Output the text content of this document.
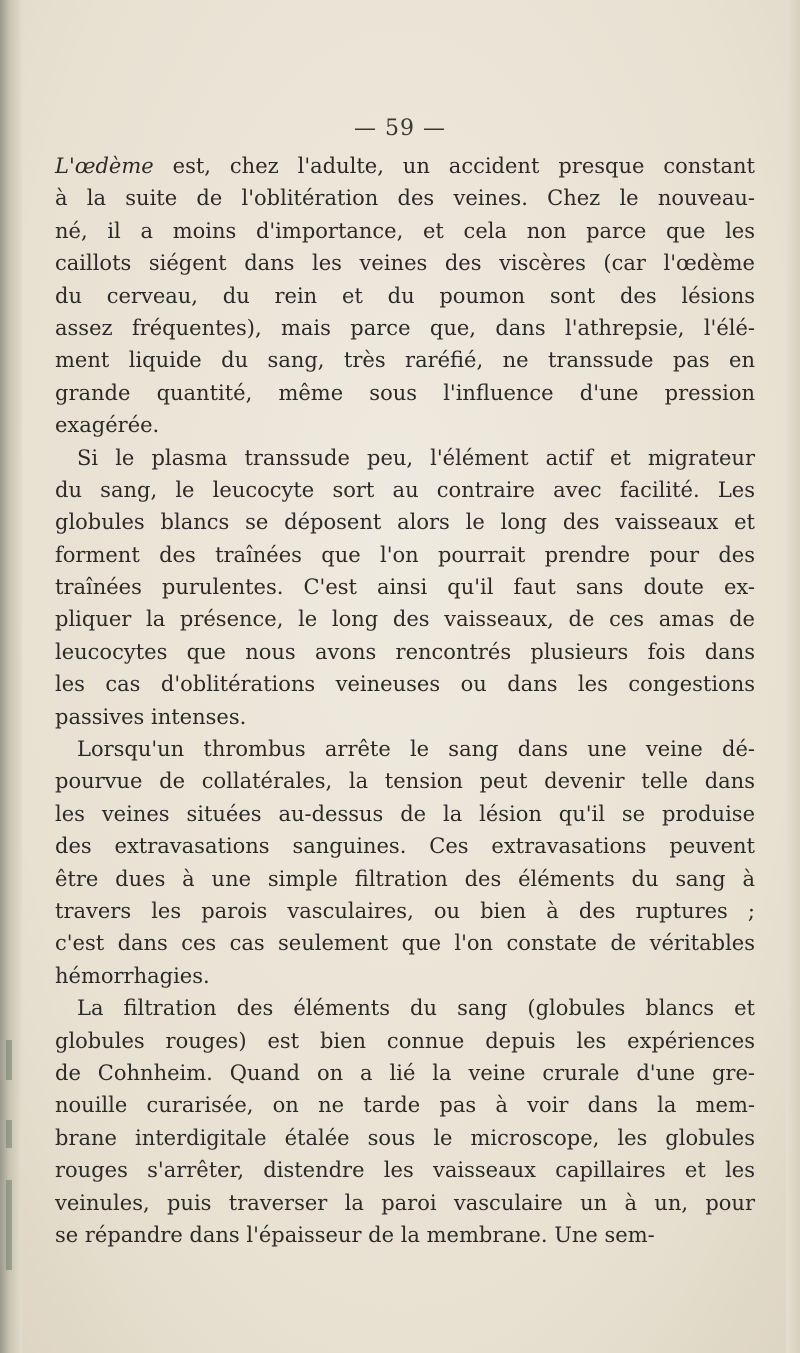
— 59 —
L'œdème est, chez l'adulte, un accident presque constant
à la suite de l'oblitération des veines. Chez le nouveau-
né, il a moins d'importance, et cela non parce que les
caillots siégent dans les veines des viscères (car l'œdème
du cerveau, du rein et du poumon sont des lésions
assez fréquentes), mais parce que, dans l'athrepsie, l'élé-
ment liquide du sang, très raréfié, ne transsude pas en
grande quantité, même sous l'influence d'une pression
exagérée.
Si le plasma transsude peu, l'élément actif et migrateur
du sang, le leucocyte sort au contraire avec facilité. Les
globules blancs se déposent alors le long des vaisseaux et
forment des traînées que l'on pourrait prendre pour des
traînées purulentes. C'est ainsi qu'il faut sans doute ex-
pliquer la présence, le long des vaisseaux, de ces amas de
leucocytes que nous avons rencontrés plusieurs fois dans
les cas d'oblitérations veineuses ou dans les congestions
passives intenses.
Lorsqu'un thrombus arrête le sang dans une veine dé-
pourvue de collatérales, la tension peut devenir telle dans
les veines situées au-dessus de la lésion qu'il se produise
des extravasations sanguines. Ces extravasations peuvent
être dues à une simple filtration des éléments du sang à
travers les parois vasculaires, ou bien à des ruptures ;
c'est dans ces cas seulement que l'on constate de véritables
hémorrhagies.
La filtration des éléments du sang (globules blancs et
globules rouges) est bien connue depuis les expériences
de Cohnheim. Quand on a lié la veine crurale d'une gre-
nouille curarisée, on ne tarde pas à voir dans la mem-
brane interdigitale étalée sous le microscope, les globules
rouges s'arrêter, distendre les vaisseaux capillaires et les
veinules, puis traverser la paroi vasculaire un à un, pour
se répandre dans l'épaisseur de la membrane. Une sem-
